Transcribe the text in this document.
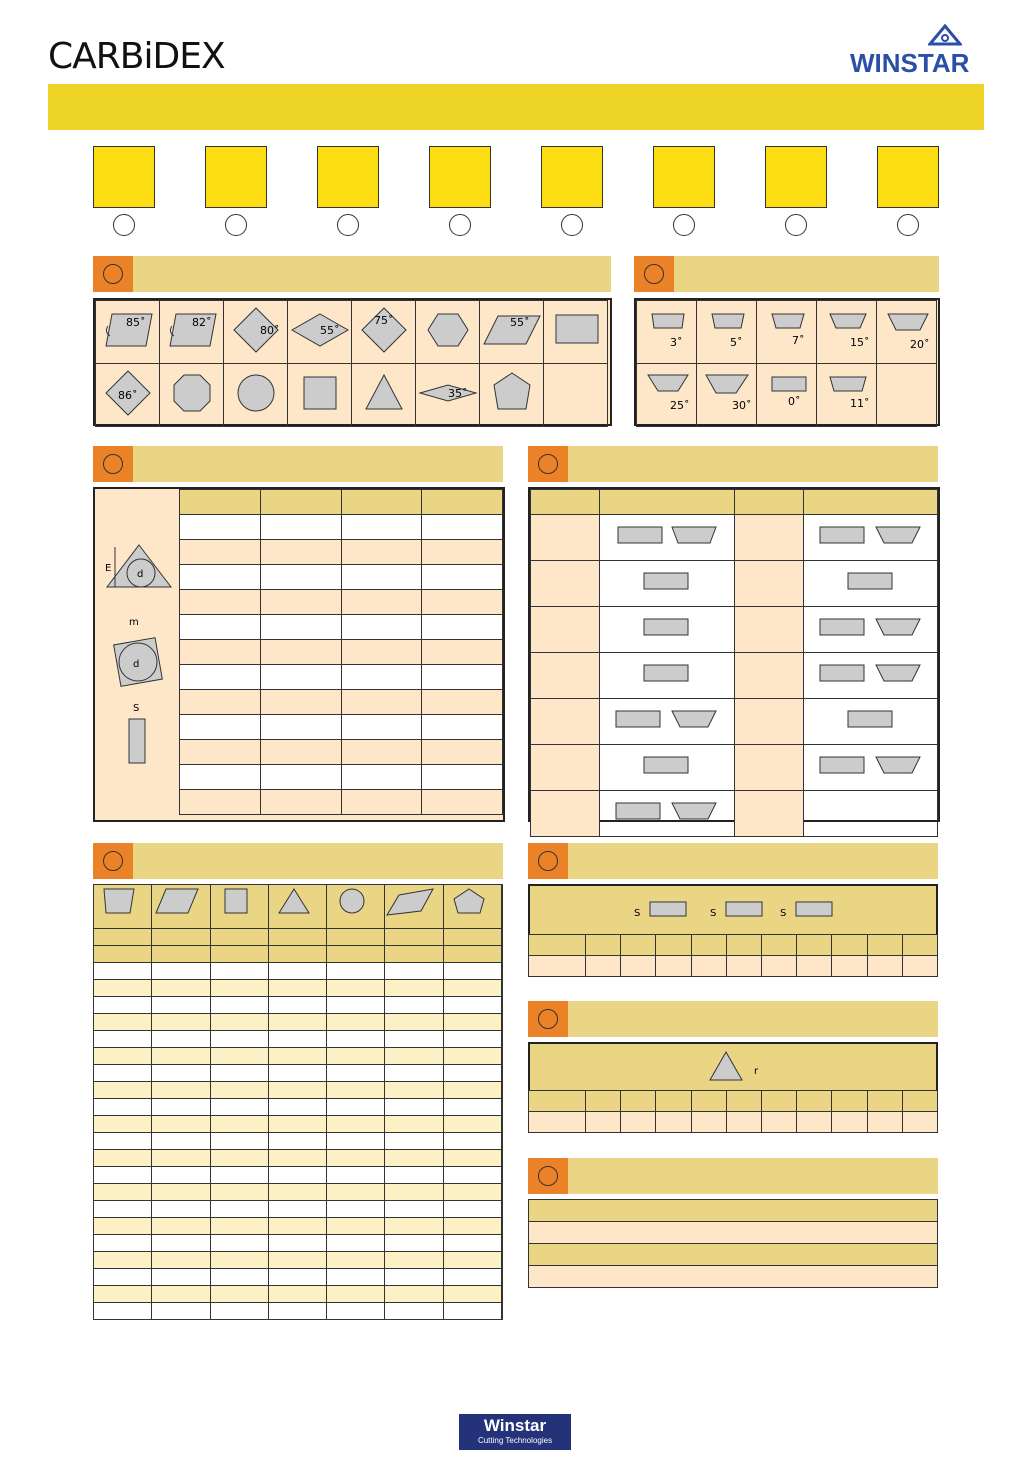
CARBiDEX	WINSTAR
85˚	82˚	80˚	55˚	75˚		55˚

86˚					35˚

3˚	5˚	7˚	15˚	20˚

25˚	30˚	0˚	11˚	

E
d
m
d
S

S	S	S

r

Winstar
Cutting Technologies
